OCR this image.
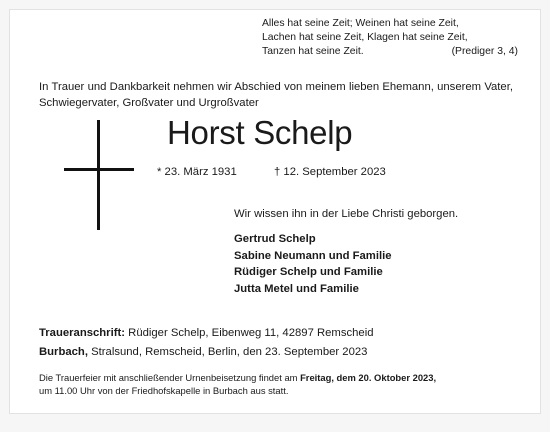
Alles hat seine Zeit; Weinen hat seine Zeit,
Lachen hat seine Zeit, Klagen hat seine Zeit,
Tanzen hat seine Zeit.	(Prediger 3, 4)
In Trauer und Dankbarkeit nehmen wir Abschied von meinem lieben Ehemann, unserem Vater, Schwiegervater, Großvater und Urgroßvater
Horst Schelp
* 23. März 1931	† 12. September 2023
Wir wissen ihn in der Liebe Christi geborgen.
Gertrud Schelp
Sabine Neumann und Familie
Rüdiger Schelp und Familie
Jutta Metel und Familie
Traueranschrift: Rüdiger Schelp, Eibenweg 11, 42897 Remscheid
Burbach, Stralsund, Remscheid, Berlin, den 23. September 2023
Die Trauerfeier mit anschließender Urnenbeisetzung findet am Freitag, dem 20. Oktober 2023,
um 11.00 Uhr von der Friedhofskapelle in Burbach aus statt.
